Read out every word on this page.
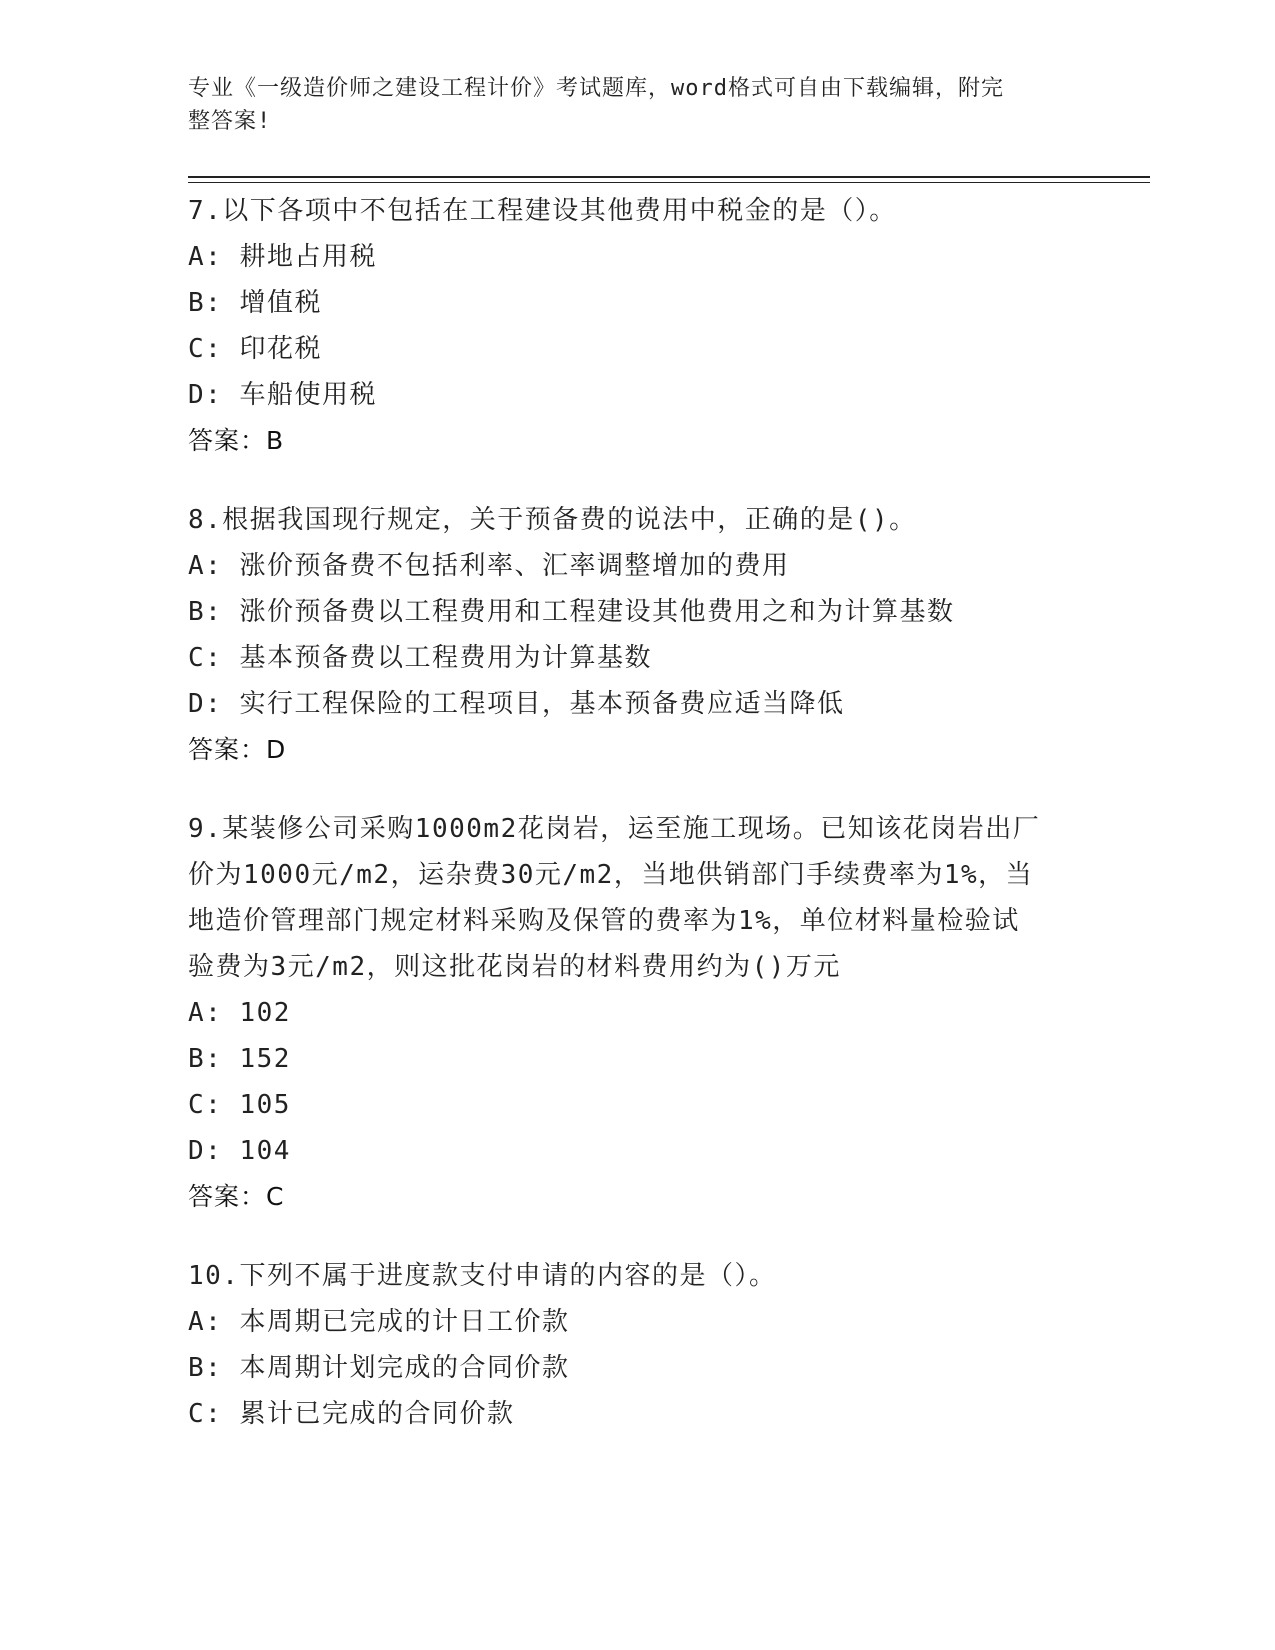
专业《一级造价师之建设工程计价》考试题库，word格式可自由下载编辑，附完
整答案!
7.以下各项中不包括在工程建设其他费用中税金的是（）。
A: 耕地占用税
B: 增值税
C: 印花税
D: 车船使用税
答案：B
8.根据我国现行规定，关于预备费的说法中，正确的是()。
A: 涨价预备费不包括利率、汇率调整增加的费用
B: 涨价预备费以工程费用和工程建设其他费用之和为计算基数
C: 基本预备费以工程费用为计算基数
D: 实行工程保险的工程项目，基本预备费应适当降低
答案：D
9.某装修公司采购1000m2花岗岩，运至施工现场。已知该花岗岩出厂
价为1000元/m2，运杂费30元/m2，当地供销部门手续费率为1%，当
地造价管理部门规定材料采购及保管的费率为1%，单位材料量检验试
验费为3元/m2，则这批花岗岩的材料费用约为()万元
A: 102
B: 152
C: 105
D: 104
答案：C
10.下列不属于进度款支付申请的内容的是（）。
A: 本周期已完成的计日工价款
B: 本周期计划完成的合同价款
C: 累计已完成的合同价款
